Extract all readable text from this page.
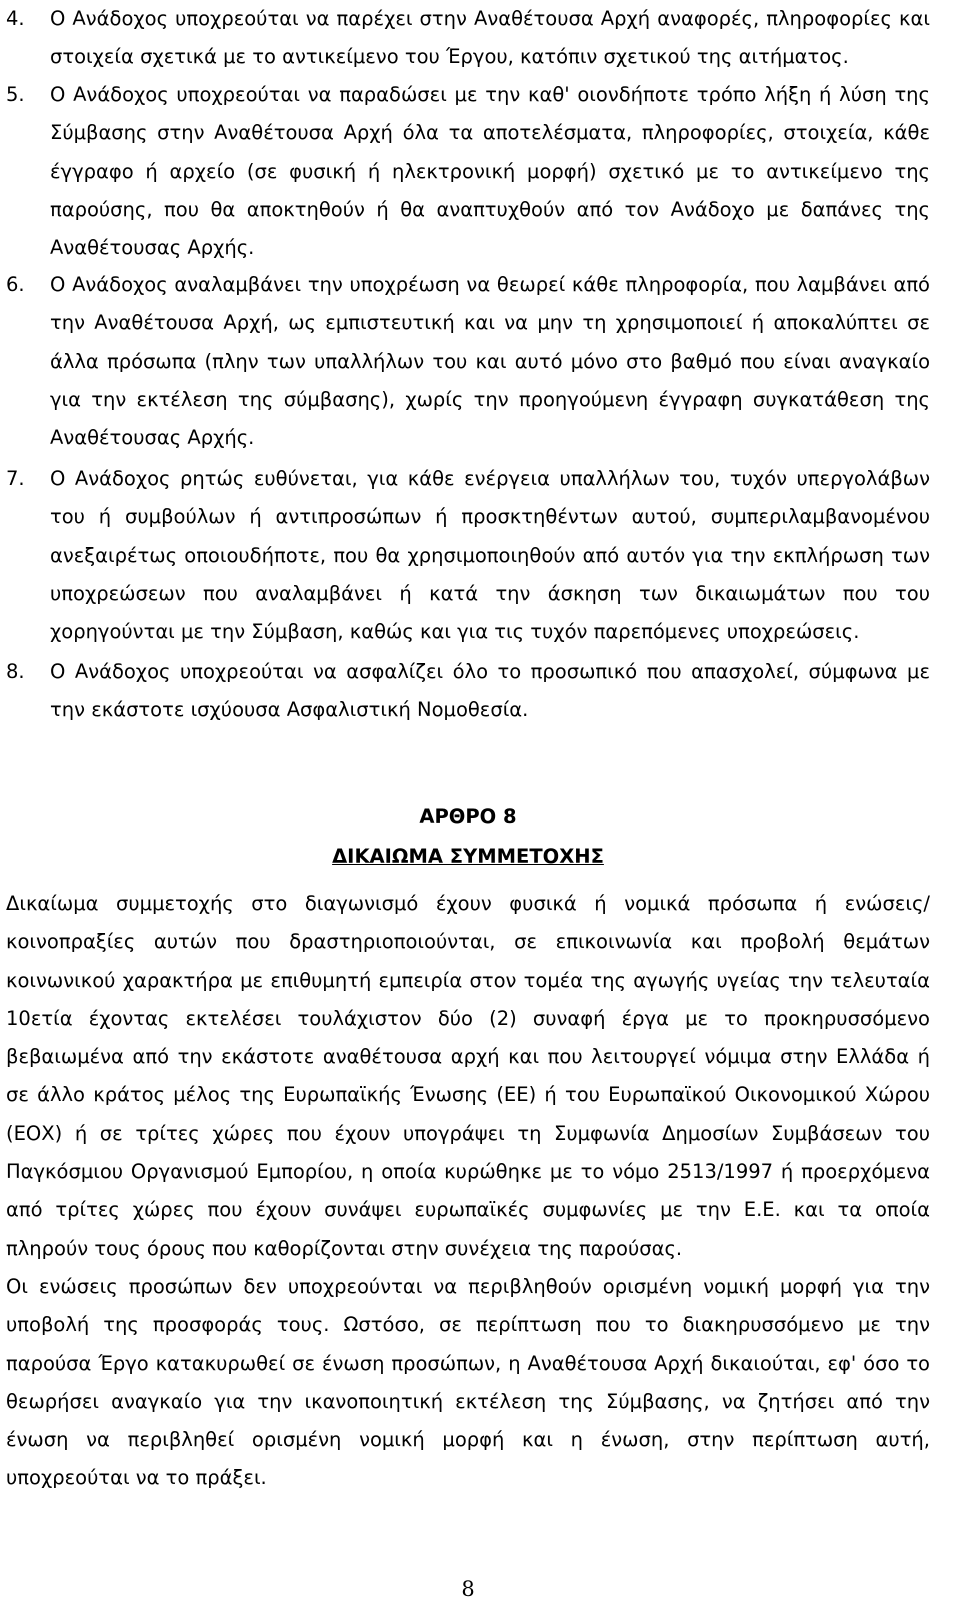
4. Ο Ανάδοχος υποχρεούται να παρέχει στην Αναθέτουσα Αρχή αναφορές, πληροφορίες και στοιχεία σχετικά με το αντικείμενο του Έργου, κατόπιν σχετικού της αιτήματος.
5. Ο Ανάδοχος υποχρεούται να παραδώσει με την καθ' οιονδήποτε τρόπο λήξη ή λύση της Σύμβασης στην Αναθέτουσα Αρχή όλα τα αποτελέσματα, πληροφορίες, στοιχεία, κάθε έγγραφο ή αρχείο (σε φυσική ή ηλεκτρονική μορφή) σχετικό με το αντικείμενο της παρούσης, που θα αποκτηθούν ή θα αναπτυχθούν από τον Ανάδοχο με δαπάνες της Αναθέτουσας Αρχής.
6. Ο Ανάδοχος αναλαμβάνει την υποχρέωση να θεωρεί κάθε πληροφορία, που λαμβάνει από την Αναθέτουσα Αρχή, ως εμπιστευτική και να μην τη χρησιμοποιεί ή αποκαλύπτει σε άλλα πρόσωπα (πλην των υπαλλήλων του και αυτό μόνο στο βαθμό που είναι αναγκαίο για την εκτέλεση της σύμβασης), χωρίς την προηγούμενη έγγραφη συγκατάθεση της Αναθέτουσας Αρχής.
7. Ο Ανάδοχος ρητώς ευθύνεται, για κάθε ενέργεια υπαλλήλων του, τυχόν υπεργολάβων του ή συμβούλων ή αντιπροσώπων ή προσκτηθέντων αυτού, συμπεριλαμβανομένου ανεξαιρέτως οποιουδήποτε, που θα χρησιμοποιηθούν από αυτόν για την εκπλήρωση των υποχρεώσεων που αναλαμβάνει ή κατά την άσκηση των δικαιωμάτων που του χορηγούνται με την Σύμβαση, καθώς και για τις τυχόν παρεπόμενες υποχρεώσεις.
8. Ο Ανάδοχος υποχρεούται να ασφαλίζει όλο το προσωπικό που απασχολεί, σύμφωνα με την εκάστοτε ισχύουσα Ασφαλιστική Νομοθεσία.
ΑΡΘΡΟ 8
ΔΙΚΑΙΩΜΑ ΣΥΜΜΕΤΟΧΗΣ
Δικαίωμα συμμετοχής στο διαγωνισμό έχουν φυσικά ή νομικά πρόσωπα ή ενώσεις/κοινοπραξίες αυτών που δραστηριοποιούνται, σε επικοινωνία και προβολή θεμάτων κοινωνικού χαρακτήρα με επιθυμητή εμπειρία στον τομέα της αγωγής υγείας την τελευταία 10ετία έχοντας εκτελέσει τουλάχιστον δύο (2) συναφή έργα με το προκηρυσσόμενο βεβαιωμένα από την εκάστοτε αναθέτουσα αρχή και που λειτουργεί νόμιμα στην Ελλάδα ή σε άλλο κράτος μέλος της Ευρωπαϊκής Ένωσης (ΕΕ) ή του Ευρωπαϊκού Οικονομικού Χώρου (ΕΟΧ) ή σε τρίτες χώρες που έχουν υπογράψει τη Συμφωνία Δημοσίων Συμβάσεων του Παγκόσμιου Οργανισμού Εμπορίου, η οποία κυρώθηκε με το νόμο 2513/1997 ή προερχόμενα από τρίτες χώρες που έχουν συνάψει ευρωπαϊκές συμφωνίες με την Ε.Ε. και τα οποία πληρούν τους όρους που καθορίζονται στην συνέχεια της παρούσας.
Οι ενώσεις προσώπων δεν υποχρεούνται να περιβληθούν ορισμένη νομική μορφή για την υποβολή της προσφοράς τους. Ωστόσο, σε περίπτωση που το διακηρυσσόμενο με την παρούσα Έργο κατακυρωθεί σε ένωση προσώπων, η Αναθέτουσα Αρχή δικαιούται, εφ' όσο το θεωρήσει αναγκαίο για την ικανοποιητική εκτέλεση της Σύμβασης, να ζητήσει από την ένωση να περιβληθεί ορισμένη νομική μορφή και η ένωση, στην περίπτωση αυτή, υποχρεούται να το πράξει.
8
